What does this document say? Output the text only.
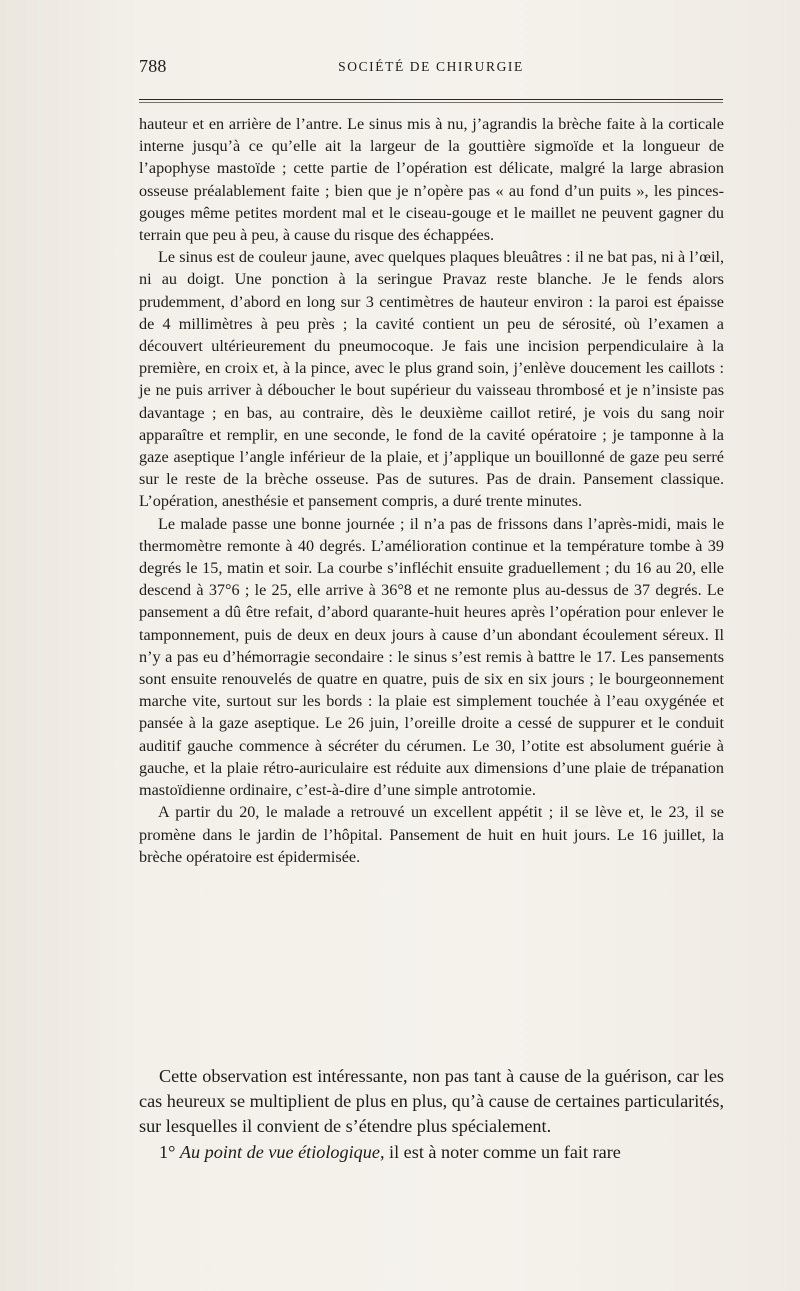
788	SOCIÉTÉ DE CHIRURGIE

hauteur et en arrière de l’antre. Le sinus mis à nu, j’agrandis la brèche faite à la corticale interne jusqu’à ce qu’elle ait la largeur de la gouttière sigmoïde et la longueur de l’apophyse mastoïde ; cette partie de l’opération est délicate, malgré la large abrasion osseuse préalablement faite ; bien que je n’opère pas « au fond d’un puits », les pinces-gouges même petites mordent mal et le ciseau-gouge et le maillet ne peuvent gagner du terrain que peu à peu, à cause du risque des échappées.

Le sinus est de couleur jaune, avec quelques plaques bleuâtres : il ne bat pas, ni à l’œil, ni au doigt. Une ponction à la seringue Pravaz reste blanche. Je le fends alors prudemment, d’abord en long sur 3 centimètres de hauteur environ : la paroi est épaisse de 4 millimètres à peu près ; la cavité contient un peu de sérosité, où l’examen a découvert ultérieurement du pneumocoque. Je fais une incision perpendiculaire à la première, en croix et, à la pince, avec le plus grand soin, j’enlève doucement les caillots : je ne puis arriver à déboucher le bout supérieur du vaisseau thrombosé et je n’insiste pas davantage ; en bas, au contraire, dès le deuxième caillot retiré, je vois du sang noir apparaître et remplir, en une seconde, le fond de la cavité opératoire ; je tamponne à la gaze aseptique l’angle inférieur de la plaie, et j’applique un bouillonné de gaze peu serré sur le reste de la brèche osseuse. Pas de sutures. Pas de drain. Pansement classique. L’opération, anesthésie et pansement compris, a duré trente minutes.

Le malade passe une bonne journée ; il n’a pas de frissons dans l’après-midi, mais le thermomètre remonte à 40 degrés. L’amélioration continue et la température tombe à 39 degrés le 15, matin et soir. La courbe s’infléchit ensuite graduellement ; du 16 au 20, elle descend à 37°6 ; le 25, elle arrive à 36°8 et ne remonte plus au-dessus de 37 degrés. Le pansement a dû être refait, d’abord quarante-huit heures après l’opération pour enlever le tamponnement, puis de deux en deux jours à cause d’un abondant écoulement séreux. Il n’y a pas eu d’hémorragie secondaire : le sinus s’est remis à battre le 17. Les pansements sont ensuite renouvelés de quatre en quatre, puis de six en six jours ; le bourgeonnement marche vite, surtout sur les bords : la plaie est simplement touchée à l’eau oxygénée et pansée à la gaze aseptique. Le 26 juin, l’oreille droite a cessé de suppurer et le conduit auditif gauche commence à sécréter du cérumen. Le 30, l’otite est absolument guérie à gauche, et la plaie rétro-auriculaire est réduite aux dimensions d’une plaie de trépanation mastoïdienne ordinaire, c’est-à-dire d’une simple antrotomie.

A partir du 20, le malade a retrouvé un excellent appétit ; il se lève et, le 23, il se promène dans le jardin de l’hôpital. Pansement de huit en huit jours. Le 16 juillet, la brèche opératoire est épidermisée.

Cette observation est intéressante, non pas tant à cause de la guérison, car les cas heureux se multiplient de plus en plus, qu’à cause de certaines particularités, sur lesquelles il convient de s’étendre plus spécialement.

1° Au point de vue étiologique, il est à noter comme un fait rare
